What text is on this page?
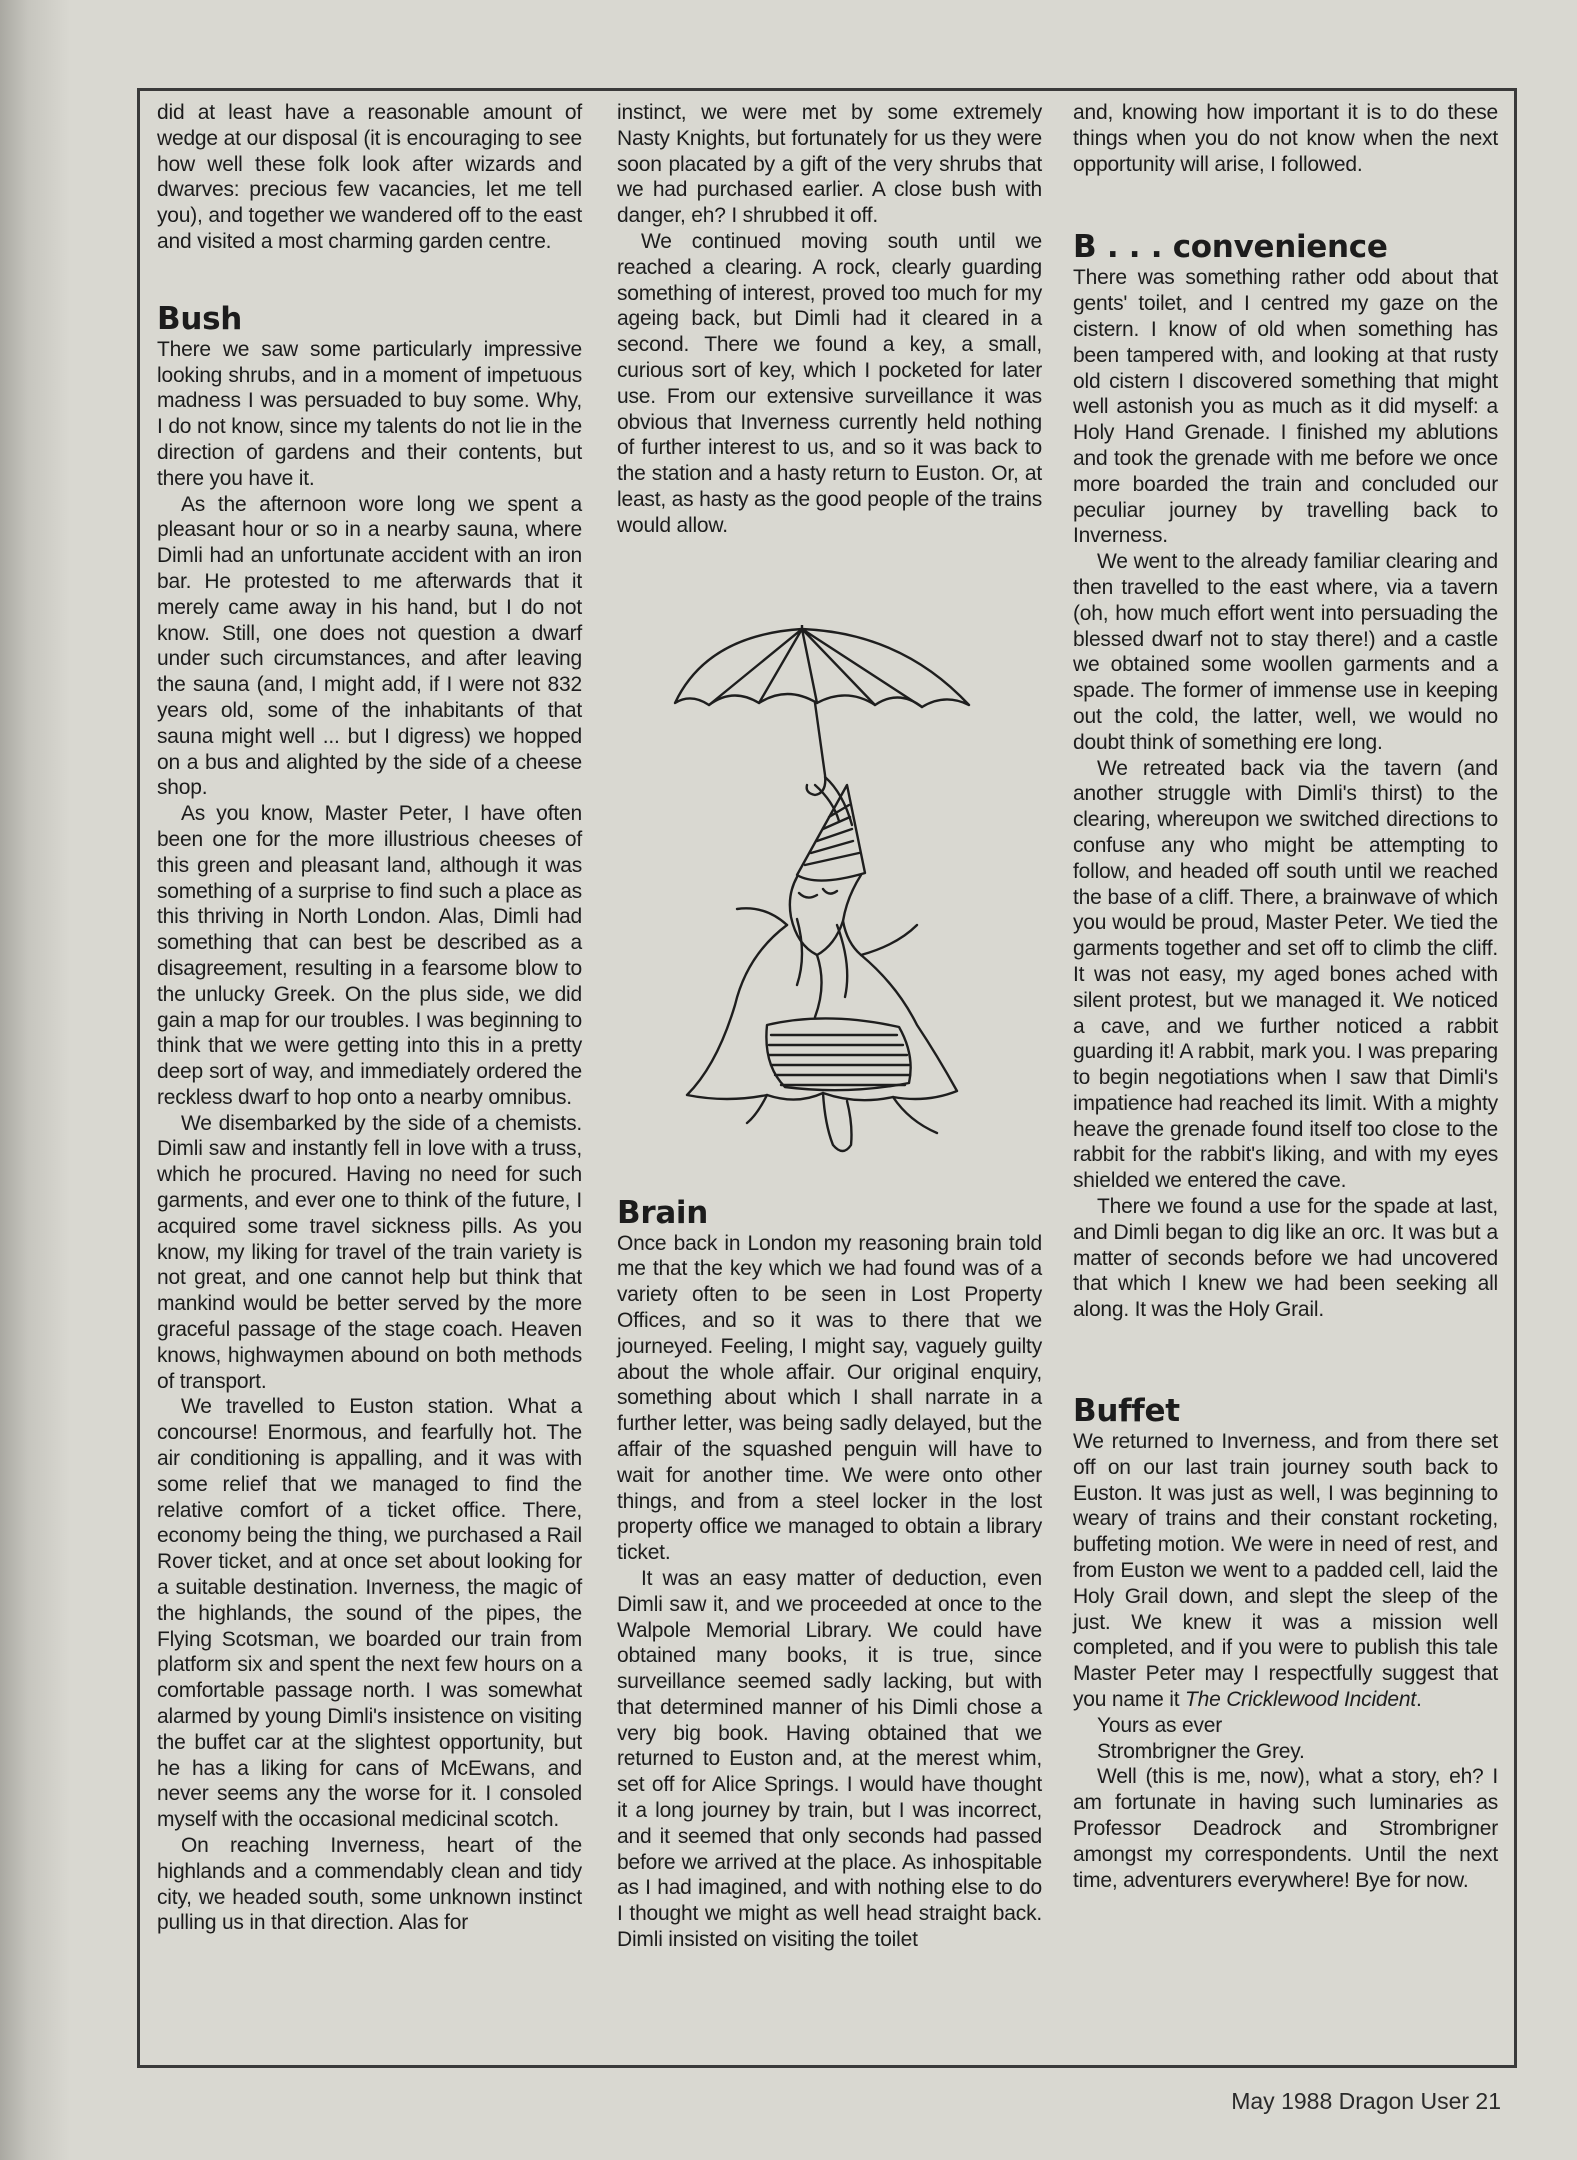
did at least have a reasonable amount of wedge at our disposal (it is encouraging to see how well these folk look after wizards and dwarves: precious few vacancies, let me tell you), and together we wandered off to the east and visited a most charming garden centre.

Bush

There we saw some particularly impressive looking shrubs, and in a moment of impetuous madness I was persuaded to buy some. Why, I do not know, since my talents do not lie in the direction of gardens and their contents, but there you have it.

As the afternoon wore long we spent a pleasant hour or so in a nearby sauna, where Dimli had an unfortunate accident with an iron bar. He protested to me afterwards that it merely came away in his hand, but I do not know. Still, one does not question a dwarf under such circumstances, and after leaving the sauna (and, I might add, if I were not 832 years old, some of the inhabitants of that sauna might well ... but I digress) we hopped on a bus and alighted by the side of a cheese shop.

As you know, Master Peter, I have often been one for the more illustrious cheeses of this green and pleasant land, although it was something of a surprise to find such a place as this thriving in North London. Alas, Dimli had something that can best be described as a disagreement, resulting in a fearsome blow to the unlucky Greek. On the plus side, we did gain a map for our troubles. I was beginning to think that we were getting into this in a pretty deep sort of way, and immediately ordered the reckless dwarf to hop onto a nearby omnibus.

We disembarked by the side of a chemists. Dimli saw and instantly fell in love with a truss, which he procured. Having no need for such garments, and ever one to think of the future, I acquired some travel sickness pills. As you know, my liking for travel of the train variety is not great, and one cannot help but think that mankind would be better served by the more graceful passage of the stage coach. Heaven knows, highwaymen abound on both methods of transport.

We travelled to Euston station. What a concourse! Enormous, and fearfully hot. The air conditioning is appalling, and it was with some relief that we managed to find the relative comfort of a ticket office. There, economy being the thing, we purchased a Rail Rover ticket, and at once set about looking for a suitable destination. Inverness, the magic of the highlands, the sound of the pipes, the Flying Scotsman, we boarded our train from platform six and spent the next few hours on a comfortable passage north. I was somewhat alarmed by young Dimli's insistence on visiting the buffet car at the slightest opportunity, but he has a liking for cans of McEwans, and never seems any the worse for it. I consoled myself with the occasional medicinal scotch.

On reaching Inverness, heart of the highlands and a commendably clean and tidy city, we headed south, some unknown instinct pulling us in that direction. Alas for

instinct, we were met by some extremely Nasty Knights, but fortunately for us they were soon placated by a gift of the very shrubs that we had purchased earlier. A close bush with danger, eh? I shrubbed it off.

We continued moving south until we reached a clearing. A rock, clearly guarding something of interest, proved too much for my ageing back, but Dimli had it cleared in a second. There we found a key, a small, curious sort of key, which I pocketed for later use. From our extensive surveillance it was obvious that Inverness currently held nothing of further interest to us, and so it was back to the station and a hasty return to Euston. Or, at least, as hasty as the good people of the trains would allow.

Brain

Once back in London my reasoning brain told me that the key which we had found was of a variety often to be seen in Lost Property Offices, and so it was to there that we journeyed. Feeling, I might say, vaguely guilty about the whole affair. Our original enquiry, something about which I shall narrate in a further letter, was being sadly delayed, but the affair of the squashed penguin will have to wait for another time. We were onto other things, and from a steel locker in the lost property office we managed to obtain a library ticket.

It was an easy matter of deduction, even Dimli saw it, and we proceeded at once to the Walpole Memorial Library. We could have obtained many books, it is true, since surveillance seemed sadly lacking, but with that determined manner of his Dimli chose a very big book. Having obtained that we returned to Euston and, at the merest whim, set off for Alice Springs. I would have thought it a long journey by train, but I was incorrect, and it seemed that only seconds had passed before we arrived at the place. As inhospitable as I had imagined, and with nothing else to do I thought we might as well head straight back. Dimli insisted on visiting the toilet

and, knowing how important it is to do these things when you do not know when the next opportunity will arise, I followed.

B . . . convenience

There was something rather odd about that gents' toilet, and I centred my gaze on the cistern. I know of old when something has been tampered with, and looking at that rusty old cistern I discovered something that might well astonish you as much as it did myself: a Holy Hand Grenade. I finished my ablutions and took the grenade with me before we once more boarded the train and concluded our peculiar journey by travelling back to Inverness.

We went to the already familiar clearing and then travelled to the east where, via a tavern (oh, how much effort went into persuading the blessed dwarf not to stay there!) and a castle we obtained some woollen garments and a spade. The former of immense use in keeping out the cold, the latter, well, we would no doubt think of something ere long.

We retreated back via the tavern (and another struggle with Dimli's thirst) to the clearing, whereupon we switched directions to confuse any who might be attempting to follow, and headed off south until we reached the base of a cliff. There, a brainwave of which you would be proud, Master Peter. We tied the garments together and set off to climb the cliff. It was not easy, my aged bones ached with silent protest, but we managed it. We noticed a cave, and we further noticed a rabbit guarding it! A rabbit, mark you. I was preparing to begin negotiations when I saw that Dimli's impatience had reached its limit. With a mighty heave the grenade found itself too close to the rabbit for the rabbit's liking, and with my eyes shielded we entered the cave.

There we found a use for the spade at last, and Dimli began to dig like an orc. It was but a matter of seconds before we had uncovered that which I knew we had been seeking all along. It was the Holy Grail.

Buffet

We returned to Inverness, and from there set off on our last train journey south back to Euston. It was just as well, I was beginning to weary of trains and their constant rocketing, buffeting motion. We were in need of rest, and from Euston we went to a padded cell, laid the Holy Grail down, and slept the sleep of the just. We knew it was a mission well completed, and if you were to publish this tale Master Peter may I respectfully suggest that you name it The Cricklewood Incident.

Yours as ever

Strombrigner the Grey.

Well (this is me, now), what a story, eh? I am fortunate in having such luminaries as Professor Deadrock and Strombrigner amongst my correspondents. Until the next time, adventurers everywhere! Bye for now.

May 1988 Dragon User 21
